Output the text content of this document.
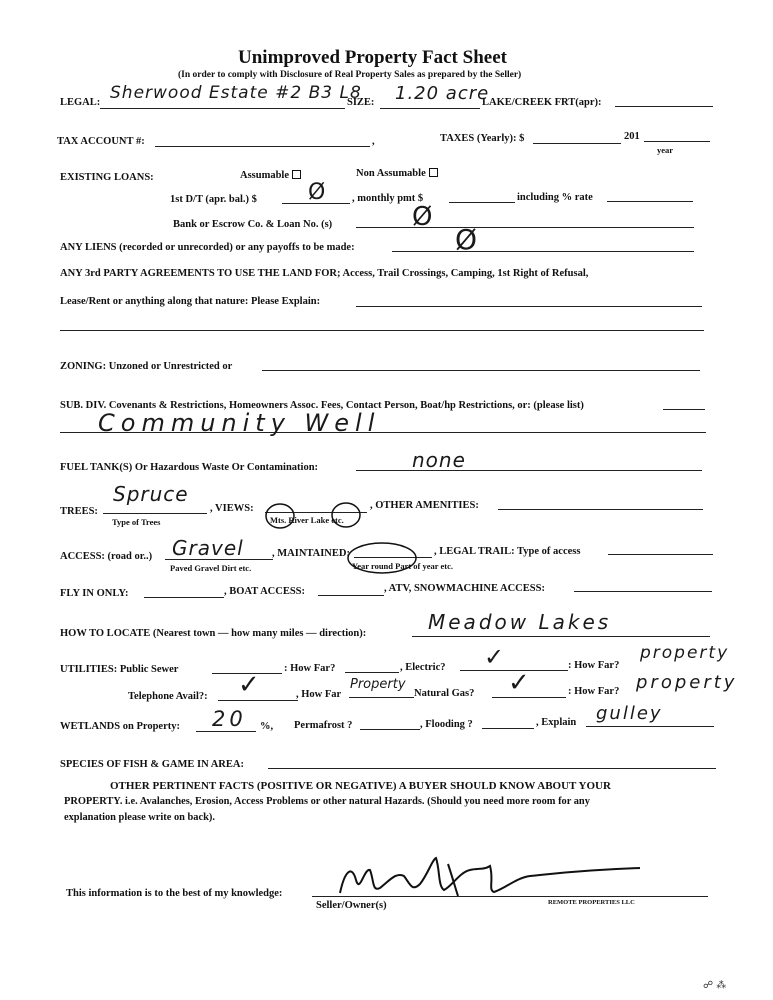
Unimproved Property Fact Sheet
(In order to comply with Disclosure of Real Property Sales as prepared by the Seller)
LEGAL: Sherwood Estate #2 B3 L8
SIZE: 1.20 acre
LAKE/CREEK FRT(apr):
TAX ACCOUNT #:	,	TAXES (Yearly): $	201
year
EXISTING LOANS:	Assumable	Non Assumable
1st D/T (apr. bal.) $ Ø , monthly pmt $	including % rate
Bank or Escrow Co. & Loan No. (s)	Ø
ANY LIENS (recorded or unrecorded) or any payoffs to be made:	Ø
ANY 3rd PARTY AGREEMENTS TO USE THE LAND FOR; Access, Trail Crossings, Camping, 1st Right of Refusal,
Lease/Rent or anything along that nature: Please Explain:
ZONING: Unzoned or Unrestricted or
SUB. DIV. Covenants & Restrictions, Homeowners Assoc. Fees, Contact Person, Boat/hp Restrictions, or: (please list)
Community Well
FUEL TANK(S) Or Hazardous Waste Or Contamination:	none
TREES:
Spruce
Type of Trees
, VIEWS:
Mts. River Lake etc.
, OTHER AMENITIES:
ACCESS: (road or..) Gravel
Paved Gravel Dirt etc.
, MAINTAINED:
Year round Part of year etc.
, LEGAL TRAIL: Type of access
FLY IN ONLY:	, BOAT ACCESS:	, ATV, SNOWMACHINE ACCESS:
HOW TO LOCATE (Nearest town — how many miles — direction):	Meadow Lakes
UTILITIES: Public Sewer	: How Far?	, Electric? ✓	: How Far?
property
Telephone Avail?: ✓	, How Far
Property
Natural Gas? ✓	: How Far? property
WETLANDS on Property: 20 %, Permafrost ?	, Flooding ?	, Explain gulley
SPECIES OF FISH & GAME IN AREA:
OTHER PERTINENT FACTS (POSITIVE OR NEGATIVE) A BUYER SHOULD KNOW ABOUT YOUR
PROPERTY. i.e. Avalanches, Erosion, Access Problems or other natural Hazards. (Should you need more room for any
explanation please write on back).
This information is to the best of my knowledge:
Seller/Owner(s)	REMOTE PROPERTIES LLC
☍ ⁂
